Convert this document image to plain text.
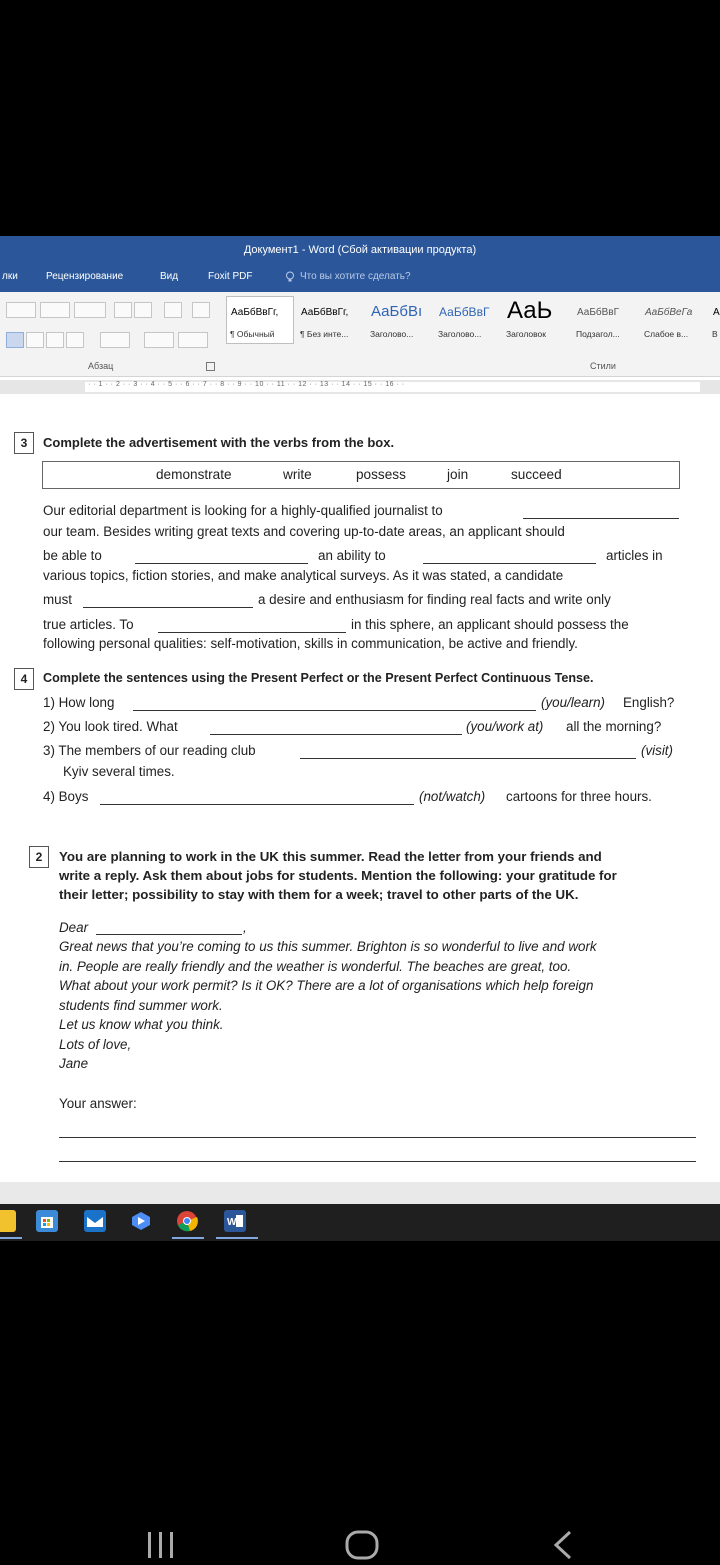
Документ1 - Word (Сбой активации продукта)
лки	Рецензирование	Вид	Foxit PDF	Что вы хотите сделать?
Абзац
АаБбВвГг,
¶ Обычный
АаБбВвГг,
¶ Без инте...
АаБбВı
Заголово...
АаБбВвГ
Заголово...
АаЬ
Заголовок
АаБбВвГ
Подзагол...
АаБбВеГа
Слабое в...
А
В
Стили
· · 1 · · 2 · · 3 · · 4 · · 5 · · 6 · · 7 · · 8 · · 9 · · 10 · · 11 · · 12 · · 13 · · 14 · · 15 · · 16 · ·
3	Complete the advertisement with the verbs from the box.
demonstrate	write	possess	join	succeed
Our editorial department is looking for a highly-qualified journalist to
our team. Besides writing great texts and covering up-to-date areas, an applicant should
be able to	an ability to	articles in
various topics, fiction stories, and make analytical surveys. As it was stated, a candidate
must	a desire and enthusiasm for finding real facts and write only
true articles. To	in this sphere, an applicant should possess the
following personal qualities: self-motivation, skills in communication, be active and friendly.
4	Complete the sentences using the Present Perfect or the Present Perfect Continuous Tense.
1) How long	(you/learn) English?
2) You look tired. What	(you/work at) all the morning?
3) The members of our reading club	(visit)
Kyiv several times.
4) Boys	(not/watch) cartoons for three hours.
2	You are planning to work in the UK this summer. Read the letter from your friends and
write a reply. Ask them about jobs for students. Mention the following: your gratitude for
their letter; possibility to stay with them for a week; travel to other parts of the UK.
Dear	,
Great news that you’re coming to us this summer. Brighton is so wonderful to live and work
in. People are really friendly and the weather is wonderful. The beaches are great, too.
What about your work permit? Is it OK? There are a lot of organisations which help foreign
students find summer work.
Let us know what you think.
Lots of love,
Jane
Your answer:
W
